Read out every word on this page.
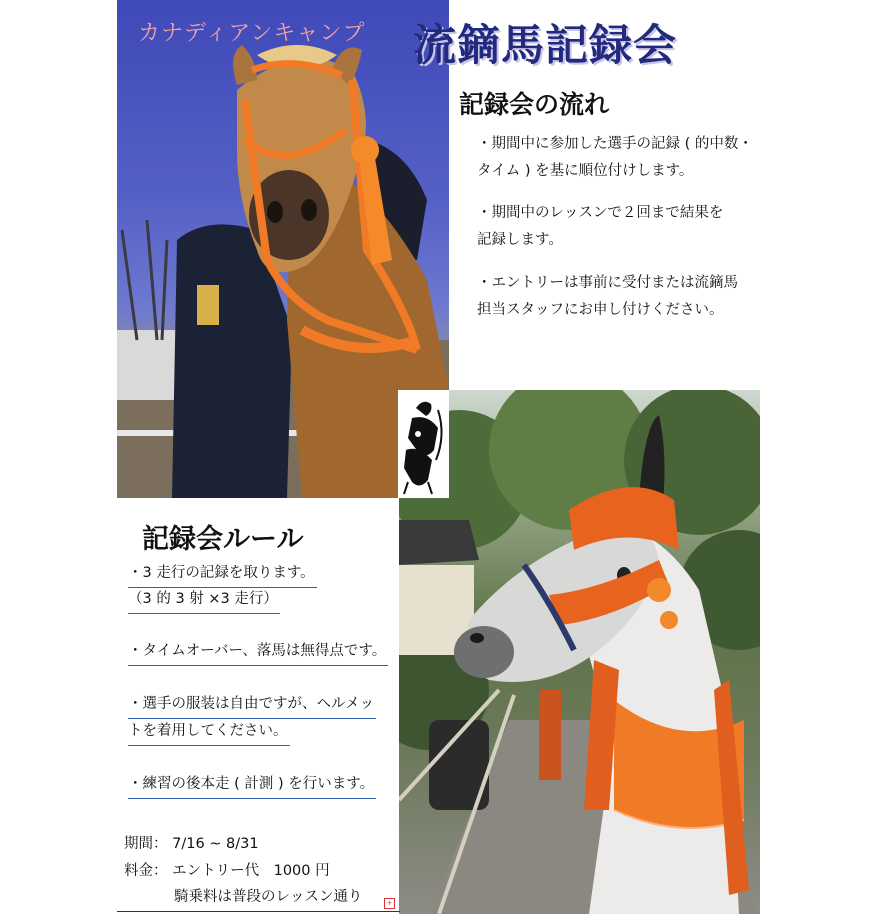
カナディアンキャンプ 流鏑馬記録会
記録会の流れ
・期間中に参加した選手の記録 ( 的中数・
タイム ) を基に順位付けします。
・期間中のレッスンで２回まで結果を
記録します。
・エントリーは事前に受付または流鏑馬
担当スタッフにお申し付けください。
記録会ルール
・3 走行の記録を取ります。
（3 的 3 射 ×3 走行）
・タイムオーバー、落馬は無得点です。
・選手の服装は自由ですが、ヘルメッ
トを着用してください。
・練習の後本走 ( 計測 ) を行います。
期間： 7/16 ~ 8/31
料金： エントリー代　1000 円
騎乗料は普段のレッスン通り	+
